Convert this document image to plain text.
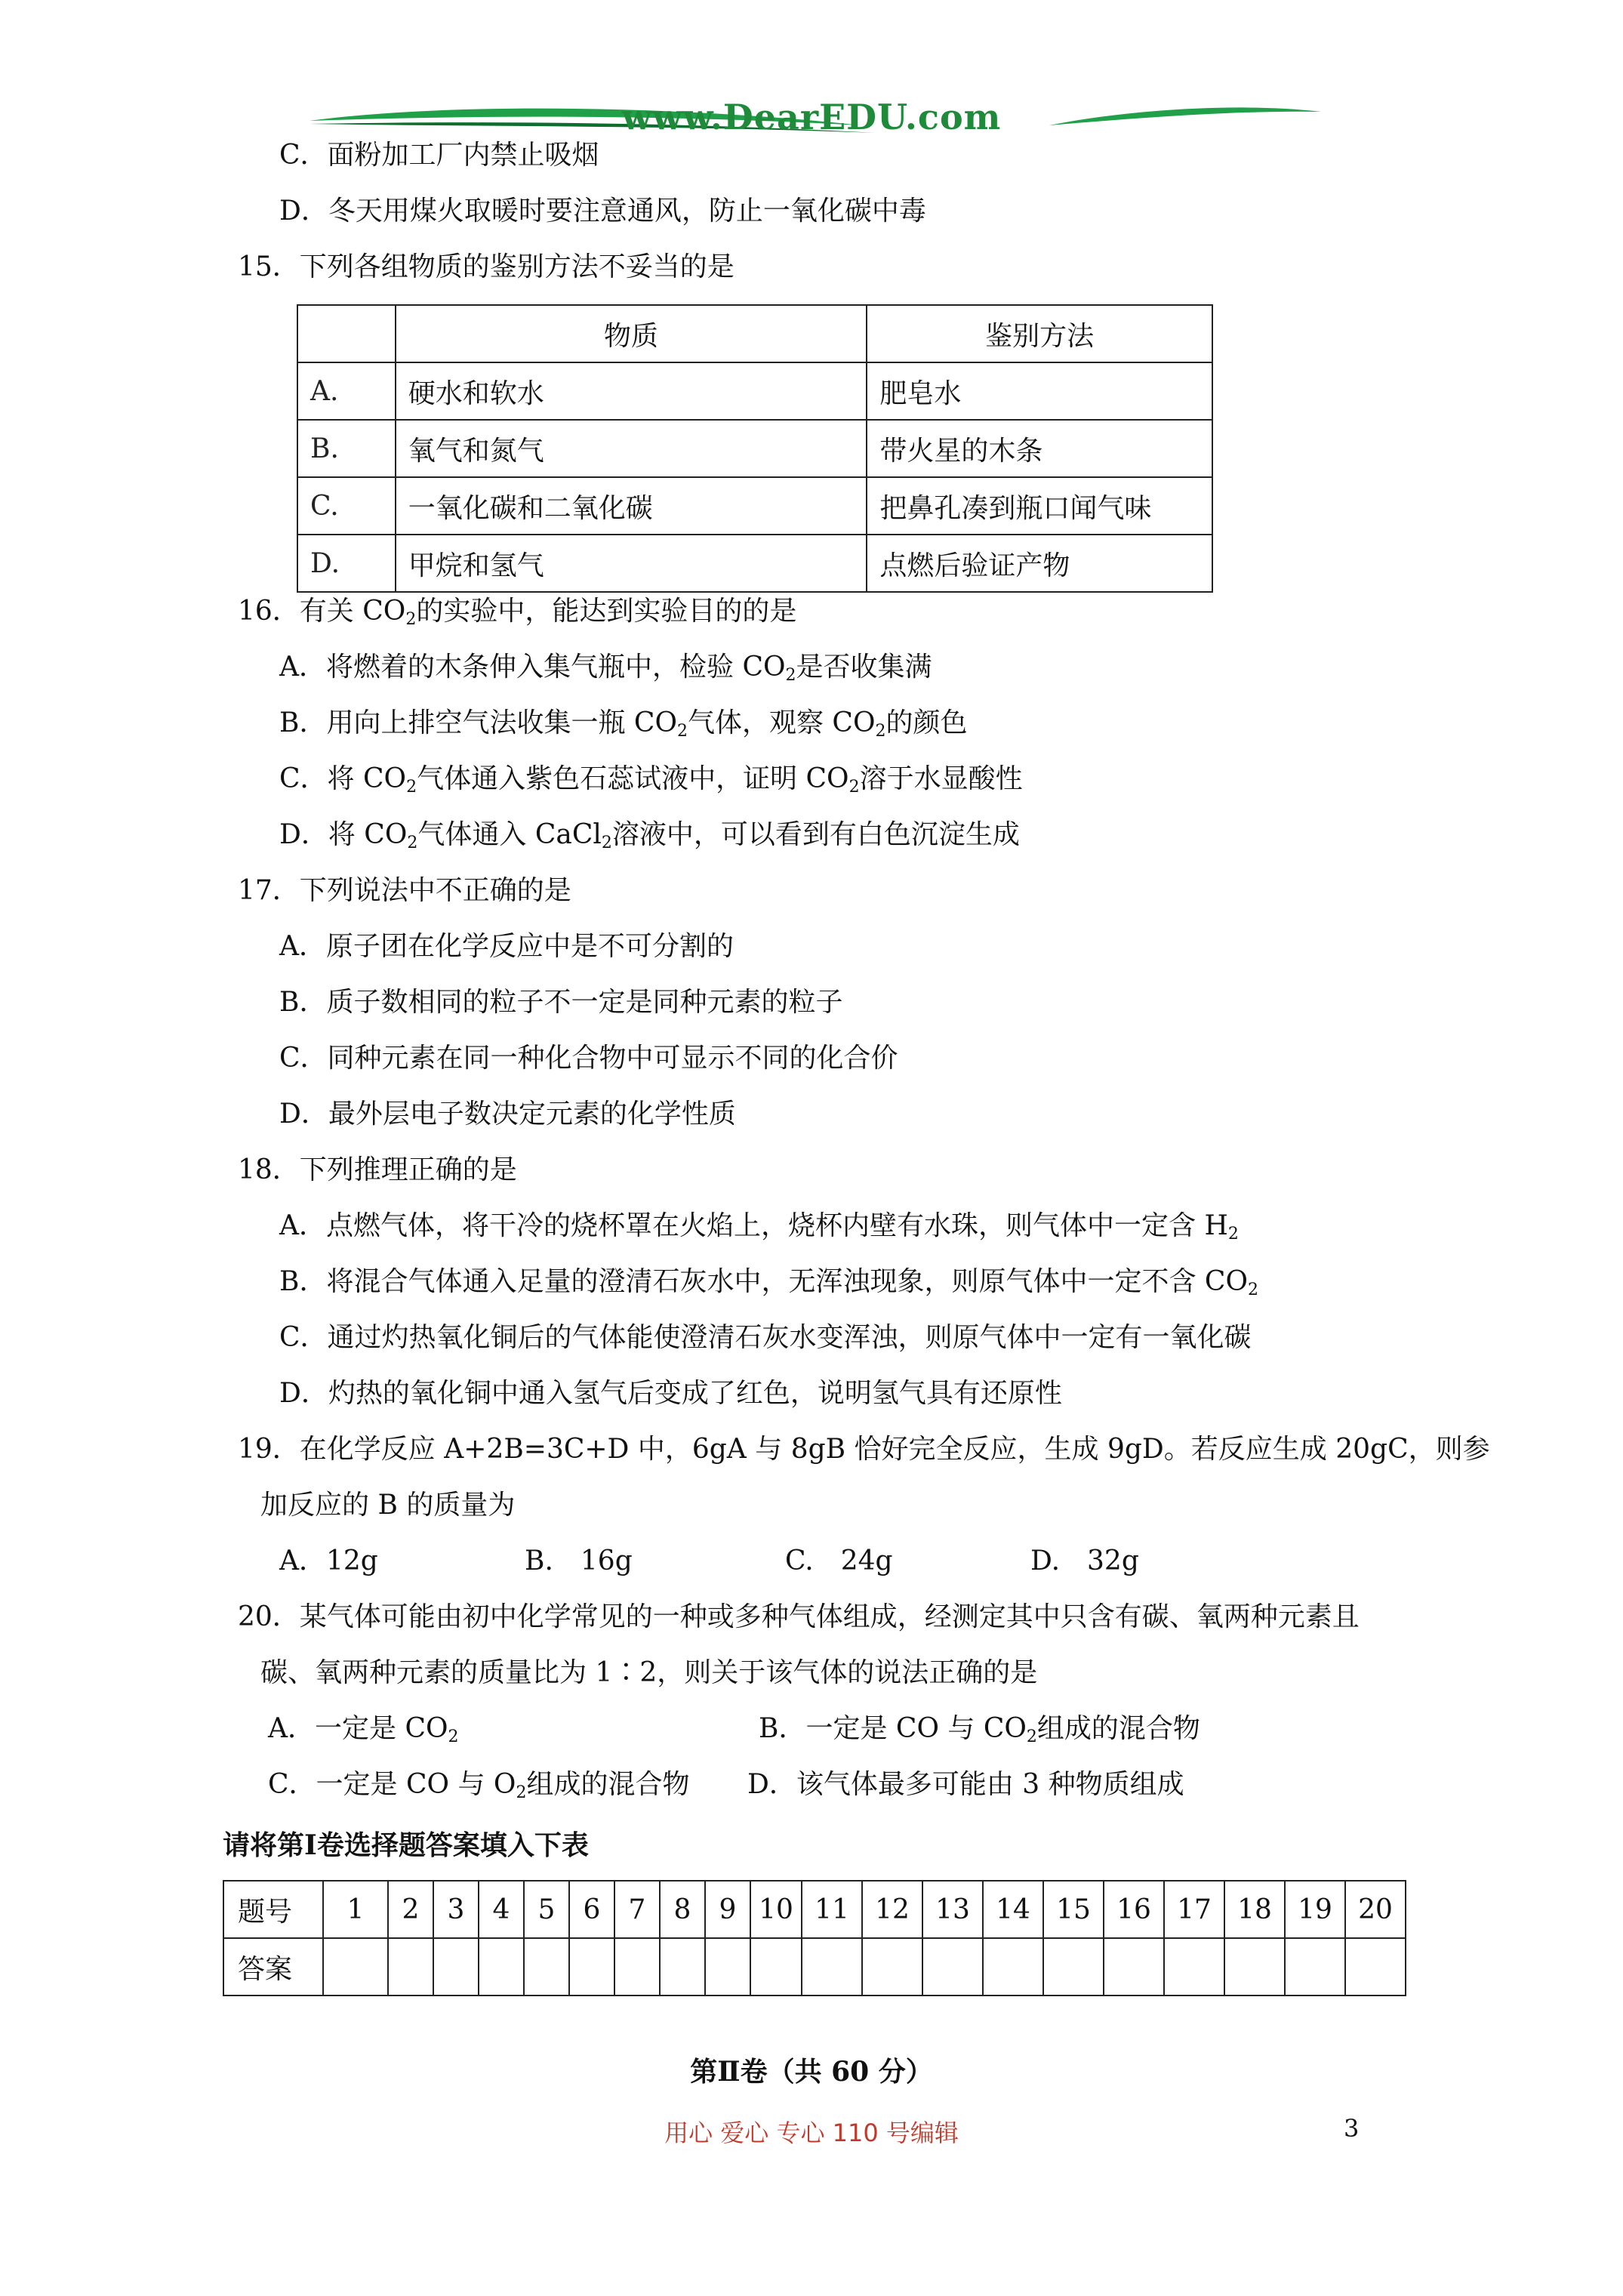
www.DearEDU.com
C．面粉加工厂内禁止吸烟
D．冬天用煤火取暖时要注意通风，防止一氧化碳中毒
15．下列各组物质的鉴别方法不妥当的是
	物质	鉴别方法
A.	硬水和软水	肥皂水
B.	氧气和氮气	带火星的木条
C.	一氧化碳和二氧化碳	把鼻孔凑到瓶口闻气味
D.	甲烷和氢气	点燃后验证产物
16．有关 $CO_2$的实验中，能达到实验目的的是
A．将燃着的木条伸入集气瓶中，检验 $CO_2$是否收集满
B．用向上排空气法收集一瓶 $CO_2$气体，观察 $CO_2$的颜色
C．将 $CO_2$气体通入紫色石蕊试液中，证明 $CO_2$溶于水显酸性
D．将 $CO_2$气体通入 CaCl$_2$溶液中，可以看到有白色沉淀生成
17．下列说法中不正确的是
A．原子团在化学反应中是不可分割的
B．质子数相同的粒子不一定是同种元素的粒子
C．同种元素在同一种化合物中可显示不同的化合价
D．最外层电子数决定元素的化学性质
18．下列推理正确的是
A．点燃气体，将干冷的烧杯罩在火焰上，烧杯内壁有水珠，则气体中一定含 $H_2$
B．将混合气体通入足量的澄清石灰水中，无浑浊现象，则原气体中一定不含 $CO_2$
C．通过灼热氧化铜后的气体能使澄清石灰水变浑浊，则原气体中一定有一氧化碳
D．灼热的氧化铜中通入氢气后变成了红色，说明氢气具有还原性
19．在化学反应 A+2B=3C+D 中，6gA 与 8gB 恰好完全反应，生成 9gD。若反应生成 20gC，则参
加反应的 B 的质量为
A．12g	B.　16g	C.　24g	D.　32g
20．某气体可能由初中化学常见的一种或多种气体组成，经测定其中只含有碳、氧两种元素且
碳、氧两种元素的质量比为 1∶2，则关于该气体的说法正确的是
A．一定是 $CO_2$	B．一定是 CO 与 $CO_2$组成的混合物
C．一定是 CO 与 $O_2$组成的混合物 D．该气体最多可能由 3 种物质组成
请将第Ⅰ卷选择题答案填入下表
题号	1	2	3	4	5	6	7	8	9	10	11	12	13	14	15	16	17	18	19	20
答案																				
第Ⅱ卷（共 60 分）
用心 爱心 专心 110 号编辑	3
